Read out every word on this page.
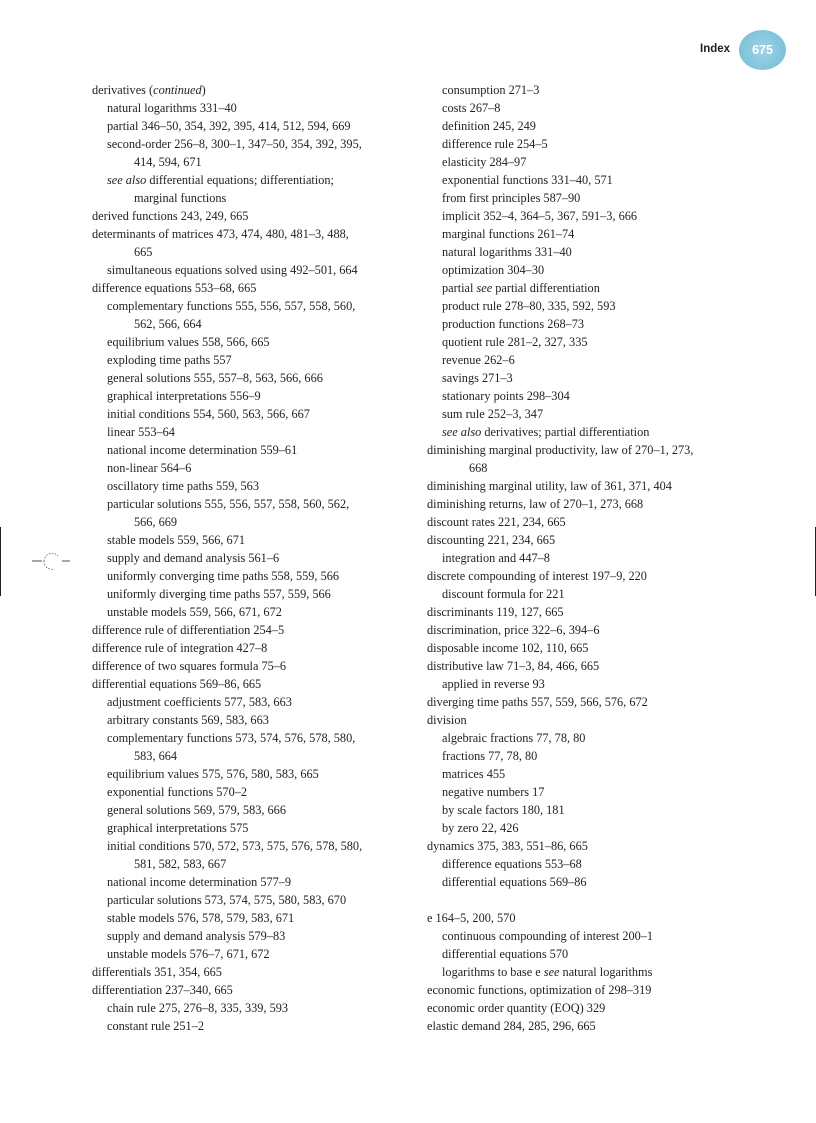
Index	675
derivatives (continued)
natural logarithms 331–40
partial 346–50, 354, 392, 395, 414, 512, 594, 669
second-order 256–8, 300–1, 347–50, 354, 392, 395,
414, 594, 671
see also differential equations; differentiation;
marginal functions
derived functions 243, 249, 665
determinants of matrices 473, 474, 480, 481–3, 488,
665
simultaneous equations solved using 492–501, 664
difference equations 553–68, 665
complementary functions 555, 556, 557, 558, 560,
562, 566, 664
equilibrium values 558, 566, 665
exploding time paths 557
general solutions 555, 557–8, 563, 566, 666
graphical interpretations 556–9
initial conditions 554, 560, 563, 566, 667
linear 553–64
national income determination 559–61
non-linear 564–6
oscillatory time paths 559, 563
particular solutions 555, 556, 557, 558, 560, 562,
566, 669
stable models 559, 566, 671
supply and demand analysis 561–6
uniformly converging time paths 558, 559, 566
uniformly diverging time paths 557, 559, 566
unstable models 559, 566, 671, 672
difference rule of differentiation 254–5
difference rule of integration 427–8
difference of two squares formula 75–6
differential equations 569–86, 665
adjustment coefficients 577, 583, 663
arbitrary constants 569, 583, 663
complementary functions 573, 574, 576, 578, 580,
583, 664
equilibrium values 575, 576, 580, 583, 665
exponential functions 570–2
general solutions 569, 579, 583, 666
graphical interpretations 575
initial conditions 570, 572, 573, 575, 576, 578, 580,
581, 582, 583, 667
national income determination 577–9
particular solutions 573, 574, 575, 580, 583, 670
stable models 576, 578, 579, 583, 671
supply and demand analysis 579–83
unstable models 576–7, 671, 672
differentials 351, 354, 665
differentiation 237–340, 665
chain rule 275, 276–8, 335, 339, 593
constant rule 251–2
consumption 271–3
costs 267–8
definition 245, 249
difference rule 254–5
elasticity 284–97
exponential functions 331–40, 571
from first principles 587–90
implicit 352–4, 364–5, 367, 591–3, 666
marginal functions 261–74
natural logarithms 331–40
optimization 304–30
partial see partial differentiation
product rule 278–80, 335, 592, 593
production functions 268–73
quotient rule 281–2, 327, 335
revenue 262–6
savings 271–3
stationary points 298–304
sum rule 252–3, 347
see also derivatives; partial differentiation
diminishing marginal productivity, law of 270–1, 273,
668
diminishing marginal utility, law of 361, 371, 404
diminishing returns, law of 270–1, 273, 668
discount rates 221, 234, 665
discounting 221, 234, 665
integration and 447–8
discrete compounding of interest 197–9, 220
discount formula for 221
discriminants 119, 127, 665
discrimination, price 322–6, 394–6
disposable income 102, 110, 665
distributive law 71–3, 84, 466, 665
applied in reverse 93
diverging time paths 557, 559, 566, 576, 672
division
algebraic fractions 77, 78, 80
fractions 77, 78, 80
matrices 455
negative numbers 17
by scale factors 180, 181
by zero 22, 426
dynamics 375, 383, 551–86, 665
difference equations 553–68
differential equations 569–86
e 164–5, 200, 570
continuous compounding of interest 200–1
differential equations 570
logarithms to base e see natural logarithms
economic functions, optimization of 298–319
economic order quantity (EOQ) 329
elastic demand 284, 285, 296, 665
